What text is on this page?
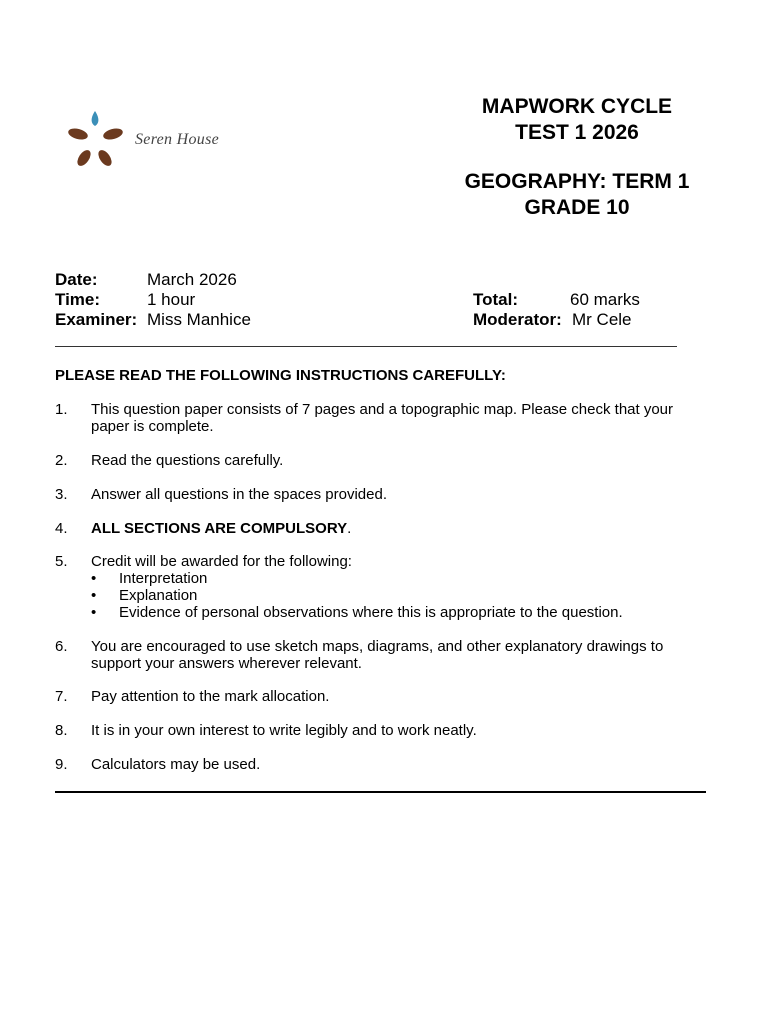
Seren House
MAPWORK CYCLE
TEST 1 2026
GEOGRAPHY: TERM 1
GRADE 10
Date:	March 2026
Time:	1 hour
Examiner: Miss Manhice
Total:	60 marks
Moderator: Mr Cele
PLEASE READ THE FOLLOWING INSTRUCTIONS CAREFULLY:
1. This question paper consists of 7 pages and a topographic map. Please check that your paper is complete.
2. Read the questions carefully.
3. Answer all questions in the spaces provided.
4. ALL SECTIONS ARE COMPULSORY.
5. Credit will be awarded for the following:
• Interpretation
• Explanation
• Evidence of personal observations where this is appropriate to the question.
6. You are encouraged to use sketch maps, diagrams, and other explanatory drawings to support your answers wherever relevant.
7. Pay attention to the mark allocation.
8. It is in your own interest to write legibly and to work neatly.
9. Calculators may be used.
